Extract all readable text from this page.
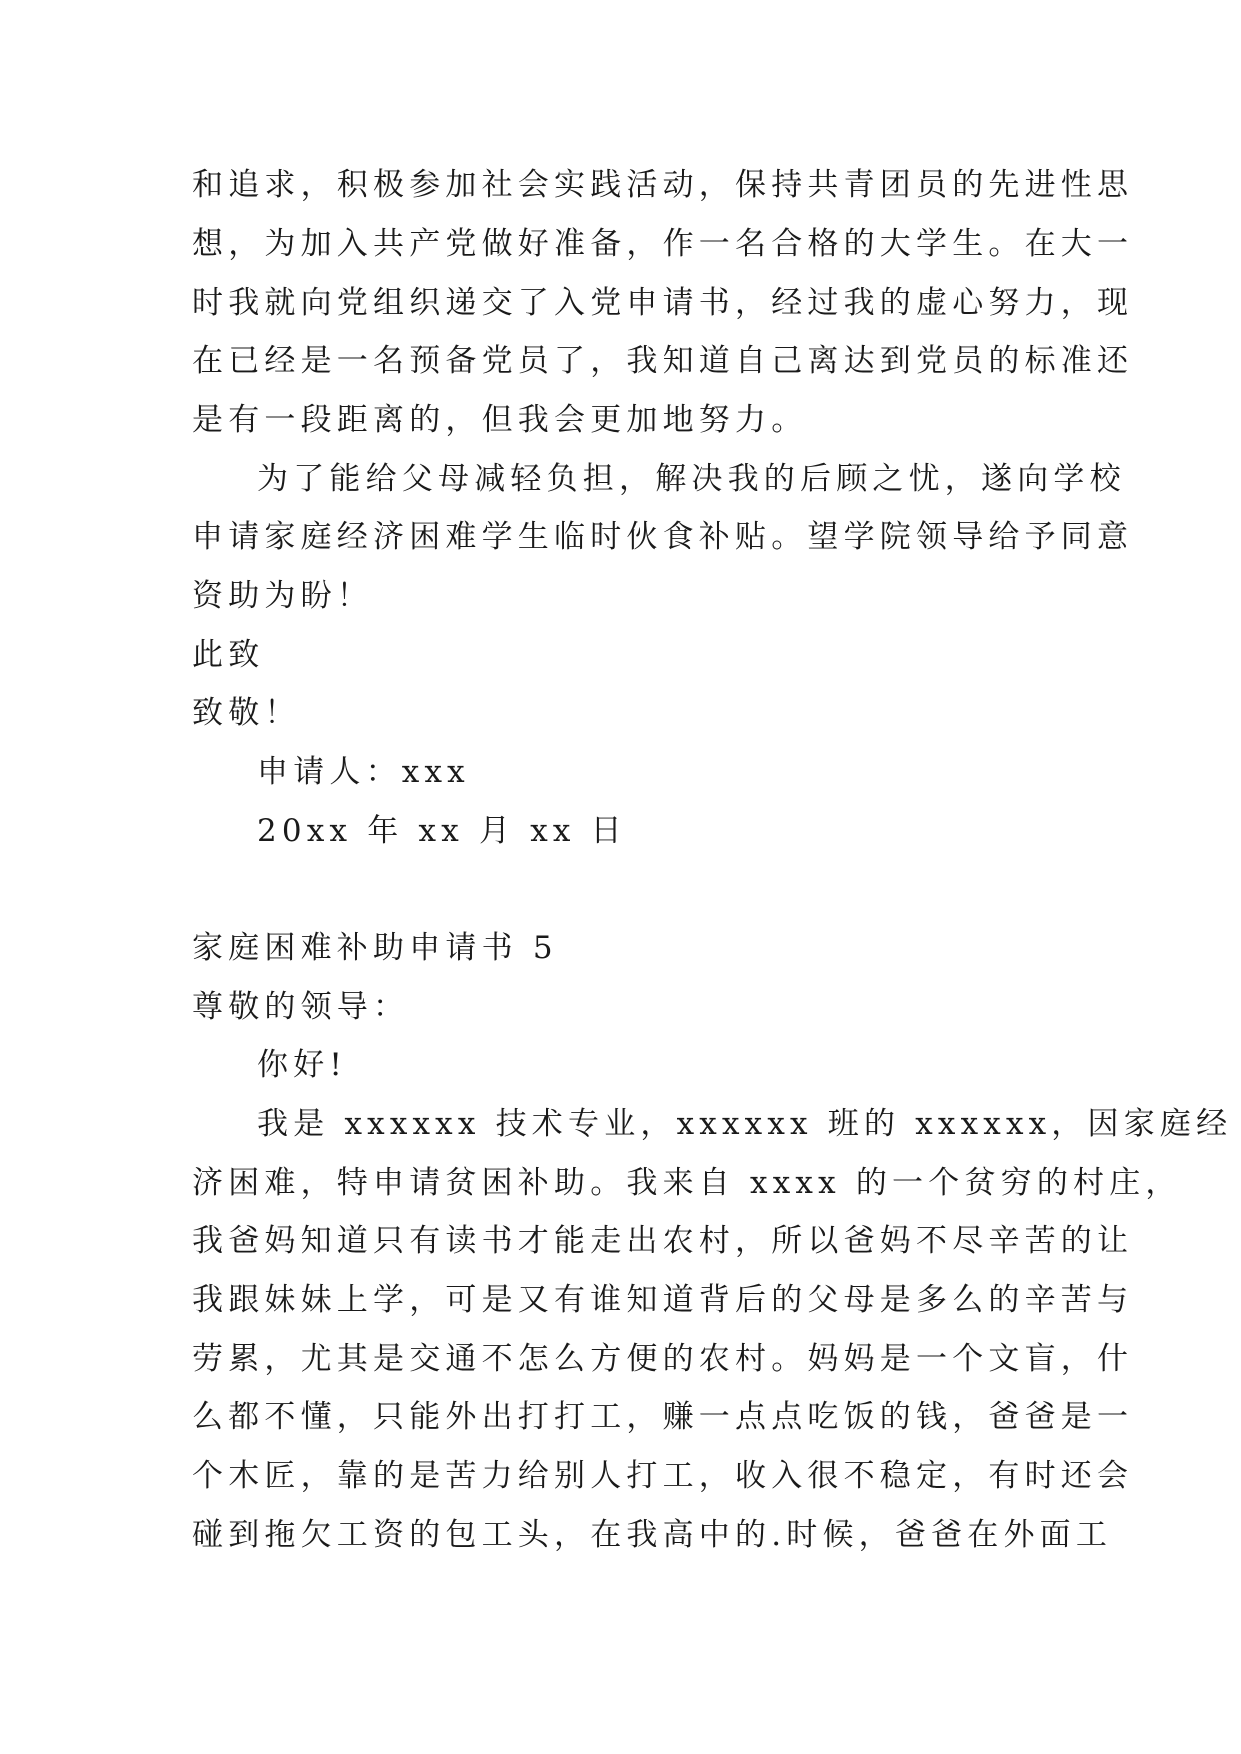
和追求，积极参加社会实践活动，保持共青团员的先进性思
想，为加入共产党做好准备，作一名合格的大学生。在大一
时我就向党组织递交了入党申请书，经过我的虚心努力，现
在已经是一名预备党员了，我知道自己离达到党员的标准还
是有一段距离的，但我会更加地努力。
为了能给父母减轻负担，解决我的后顾之忧，遂向学校
申请家庭经济困难学生临时伙食补贴。望学院领导给予同意
资助为盼！
此致
致敬！
申请人：xxx
20xx 年 xx 月 xx 日
家庭困难补助申请书 5
尊敬的领导：
你好!
我是 xxxxxx 技术专业，xxxxxx 班的 xxxxxx，因家庭经
济困难，特申请贫困补助。我来自 xxxx 的一个贫穷的村庄，
我爸妈知道只有读书才能走出农村，所以爸妈不尽辛苦的让
我跟妹妹上学，可是又有谁知道背后的父母是多么的辛苦与
劳累，尤其是交通不怎么方便的农村。妈妈是一个文盲，什
么都不懂，只能外出打打工，赚一点点吃饭的钱，爸爸是一
个木匠，靠的是苦力给别人打工，收入很不稳定，有时还会
碰到拖欠工资的包工头，在我高中的.时候，爸爸在外面工
